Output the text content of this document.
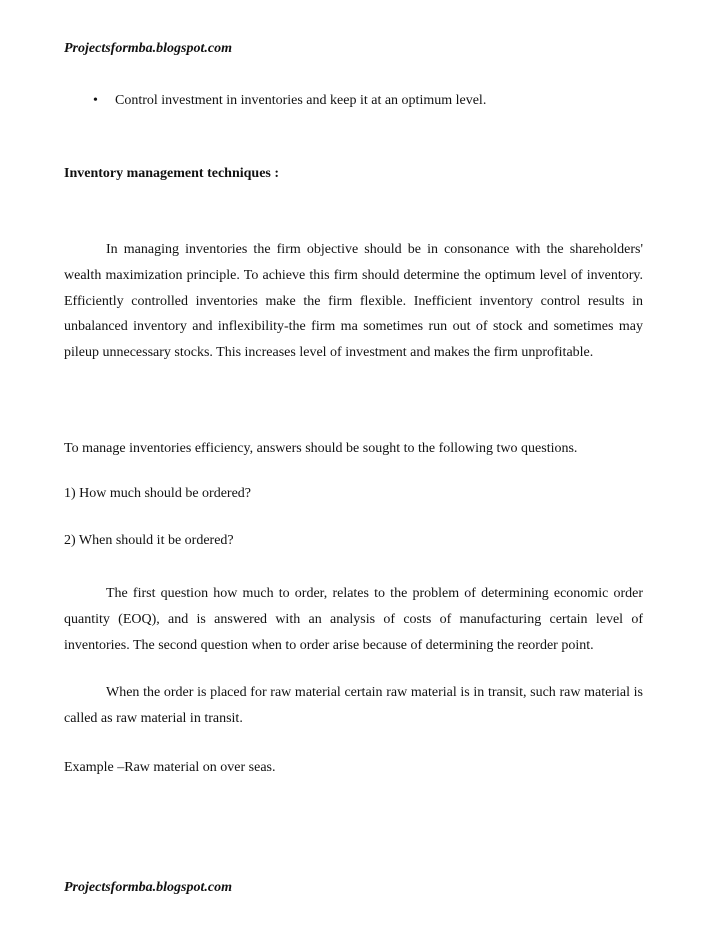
Projectsformba.blogspot.com
• Control investment in inventories and keep it at an optimum level.
Inventory management techniques :

In managing inventories the firm objective should be in consonance with the shareholders' wealth maximization principle. To achieve this firm should determine the optimum level of inventory. Efficiently controlled inventories make the firm flexible. Inefficient inventory control results in unbalanced inventory and inflexibility-the firm ma sometimes run out of stock and sometimes may pileup unnecessary stocks. This increases level of investment and makes the firm unprofitable.

To manage inventories efficiency, answers should be sought to the following two questions.
1) How much should be ordered?
2) When should it be ordered?

The first question how much to order, relates to the problem of determining economic order quantity (EOQ), and is answered with an analysis of costs of manufacturing certain level of inventories. The second question when to order arise because of determining the reorder point.

When the order is placed for raw material certain raw material is in transit, such raw material is called as raw material in transit.

Example –Raw material on over seas.
Projectsformba.blogspot.com
